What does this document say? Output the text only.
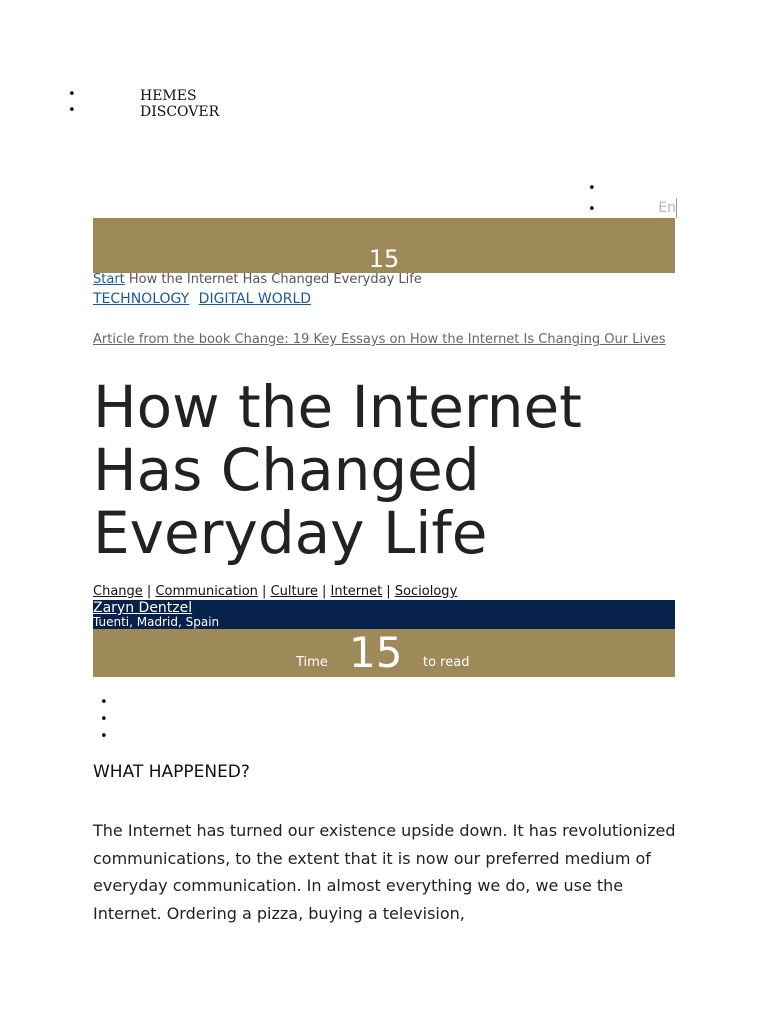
• HEMES
• DISCOVER
•
•
En
15
Start How the Internet Has Changed Everyday Life
TECHNOLOGY DIGITAL WORLD
Article from the book Change: 19 Key Essays on How the Internet Is Changing Our Lives
How the Internet Has Changed Everyday Life
Change | Communication | Culture | Internet | Sociology
Zaryn Dentzel
Tuenti, Madrid, Spain
Time 15 to read
•
•
•
WHAT HAPPENED?

The Internet has turned our existence upside down. It has revolutionized communications, to the extent that it is now our preferred medium of everyday communication. In almost everything we do, we use the Internet. Ordering a pizza, buying a television,
